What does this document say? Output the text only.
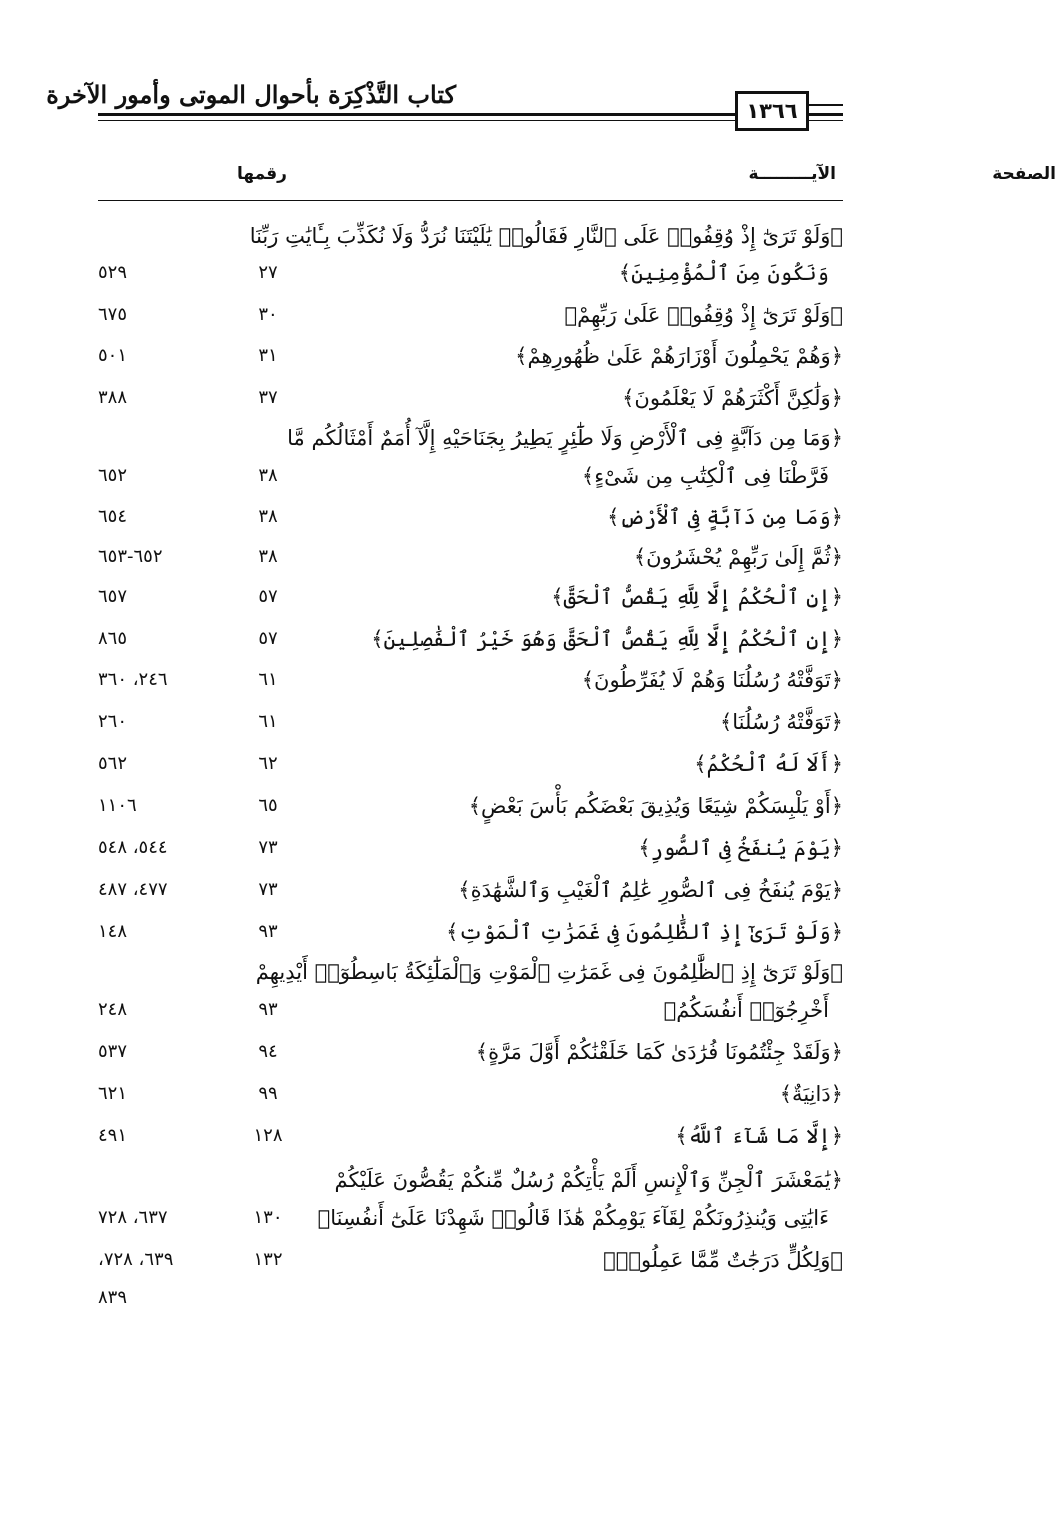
كتاب التَّذْكِرَة بأحوال الموتى وأمور الآخرة
١٣٦٦
الآيـــــــــة
رقمها	الصفحة
﴿وَلَوْ تَرَىٰٓ إِذْ وُقِفُوا۟ عَلَى ٱلنَّارِ فَقَالُوا۟ يَٰلَيْتَنَا نُرَدُّ وَلَا نُكَذِّبَ بِـَٔايَٰتِ رَبِّنَا
وَنَكُونَ مِنَ ٱلْمُؤْمِنِينَ﴾
٢٧
٥٢٩
﴿وَلَوْ تَرَىٰٓ إِذْ وُقِفُوا۟ عَلَىٰ رَبِّهِمْ﴾
٣٠
٦٧٥
﴿وَهُمْ يَحْمِلُونَ أَوْزَارَهُمْ عَلَىٰ ظُهُورِهِمْ﴾
٣١
٥٠١
﴿وَلَٰكِنَّ أَكْثَرَهُمْ لَا يَعْلَمُونَ﴾
٣٧
٣٨٨
﴿وَمَا مِن دَآبَّةٍ فِى ٱلْأَرْضِ وَلَا طَٰٓئِرٍ يَطِيرُ بِجَنَاحَيْهِ إِلَّآ أُمَمٌ أَمْثَالُكُم مَّا
فَرَّطْنَا فِى ٱلْكِتَٰبِ مِن شَىْءٍ﴾
٣٨
٦٥٢
﴿وَمَا مِن دَآبَّةٍ فِى ٱلْأَرْضِ﴾
٣٨
٦٥٤
﴿ثُمَّ إِلَىٰ رَبِّهِمْ يُحْشَرُونَ﴾
٣٨
٦٥٢-٦٥٣
﴿إِنِ ٱلْحُكْمُ إِلَّا لِلَّهِ يَقُصُّ ٱلْحَقَّ﴾
٥٧
٦٥٧
﴿إِنِ ٱلْحُكْمُ إِلَّا لِلَّهِ يَقُصُّ ٱلْحَقَّ وَهُوَ خَيْرُ ٱلْفَٰصِلِينَ﴾
٥٧
٨٦٥
﴿تَوَفَّتْهُ رُسُلُنَا وَهُمْ لَا يُفَرِّطُونَ﴾
٦١
٢٤٦، ٣٦٠
﴿تَوَفَّتْهُ رُسُلُنَا﴾
٦١
٢٦٠
﴿أَلَا لَهُ ٱلْحُكْمُ﴾
٦٢
٥٦٢
﴿أَوْ يَلْبِسَكُمْ شِيَعًا وَيُذِيقَ بَعْضَكُم بَأْسَ بَعْضٍ﴾
٦٥
١١٠٦
﴿يَوْمَ يُنفَخُ فِى ٱلصُّورِ﴾
٧٣
٥٤٤، ٥٤٨
﴿يَوْمَ يُنفَخُ فِى ٱلصُّورِ عَٰلِمُ ٱلْغَيْبِ وَٱلشَّهَٰدَةِ﴾
٧٣
٤٧٧، ٤٨٧
﴿وَلَوْ تَرَىٰٓ إِذِ ٱلظَّٰلِمُونَ فِى غَمَرَٰتِ ٱلْمَوْتِ﴾
٩٣
١٤٨
﴿وَلَوْ تَرَىٰٓ إِذِ ٱلظَّٰلِمُونَ فِى غَمَرَٰتِ ٱلْمَوْتِ وَٱلْمَلَٰٓئِكَةُ بَاسِطُوٓا۟ أَيْدِيهِمْ
أَخْرِجُوٓا۟ أَنفُسَكُمُ﴾
٩٣
٢٤٨
﴿وَلَقَدْ جِئْتُمُونَا فُرَٰدَىٰ كَمَا خَلَقْنَٰكُمْ أَوَّلَ مَرَّةٍ﴾
٩٤
٥٣٧
﴿دَانِيَةٌ﴾
٩٩
٦٢١
﴿إِلَّا مَا شَآءَ ٱللَّهُ﴾
١٢٨
٤٩١
﴿يَٰمَعْشَرَ ٱلْجِنِّ وَٱلْإِنسِ أَلَمْ يَأْتِكُمْ رُسُلٌ مِّنكُمْ يَقُصُّونَ عَلَيْكُمْ
ءَايَٰتِى وَيُنذِرُونَكُمْ لِقَآءَ يَوْمِكُمْ هَٰذَا قَالُوا۟ شَهِدْنَا عَلَىٰٓ أَنفُسِنَا﴾
١٣٠
٦٣٧، ٧٢٨
﴿وَلِكُلٍّ دَرَجَٰتٌ مِّمَّا عَمِلُوا۟﴾
١٣٢
٦٣٩، ٧٢٨،
٨٣٩
